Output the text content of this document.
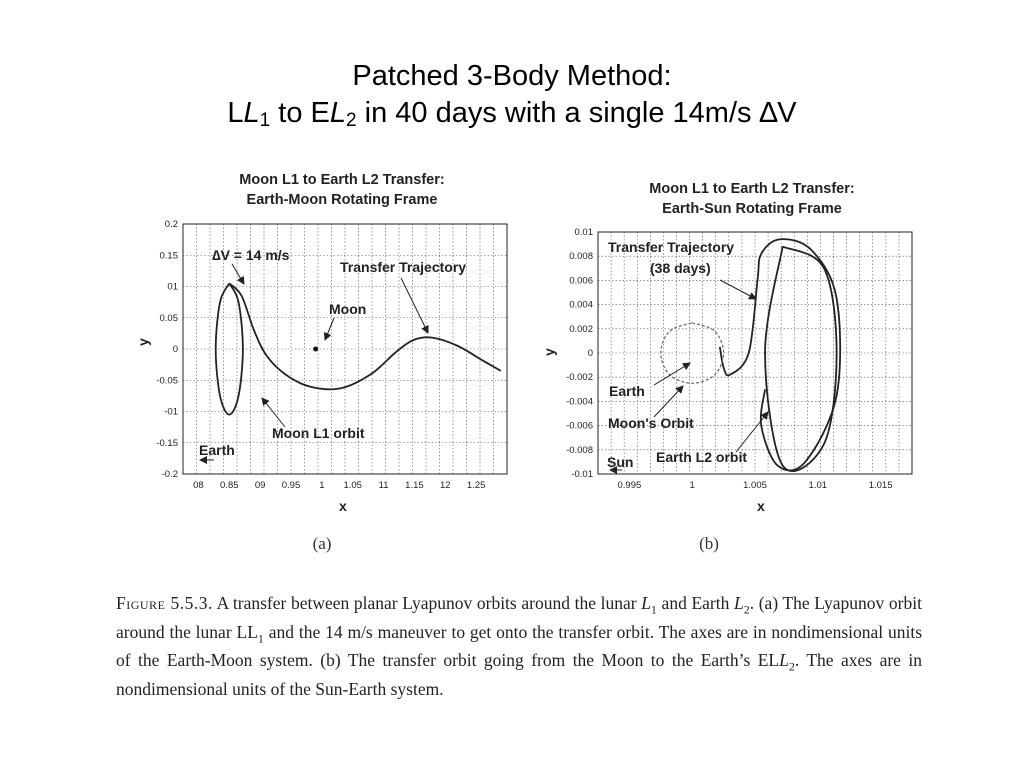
Patched 3-Body Method:
$LL_1$ to $EL_2$ in 40 days with a single 14m/s ∆V
Moon L1 to Earth L2 Transfer:
Earth-Moon Rotating Frame
08 0.85 09 0.95 1 1.05 11 1.15 12 1.25
0.2
0.15
01
0.05
0
-0.05
-01
-0.15
-0.2
x
y
(a)
Moon L1 to Earth L2 Transfer:
Earth-Sun Rotating Frame
0.995	1	1.005	1.01	1.015
0.01
0.008
0.006
0.004
0.002
0
-0.002
-0.004
-0.006
-0.008
-0.01
x
y
(b)
∆V = 14 m/s
Transfer Trajectory
Moon
Moon L1 orbit
Earth
Transfer Trajectory
(38 days)
Earth
Moon's Orbit
Sun Earth L2 orbit
Figure 5.5.3. A transfer between planar Lyapunov orbits around the lunar $L_1$ and Earth $L_2$. (a) The Lyapunov orbit around the lunar $LL_1$ and the 14 m/s maneuver to get onto the transfer orbit. The axes are in nondimensional units of the Earth-Moon system. (b) The transfer orbit going from the Moon to the Earth’s $ELL_2$. The axes are in nondimensional units of the Sun-Earth system.
